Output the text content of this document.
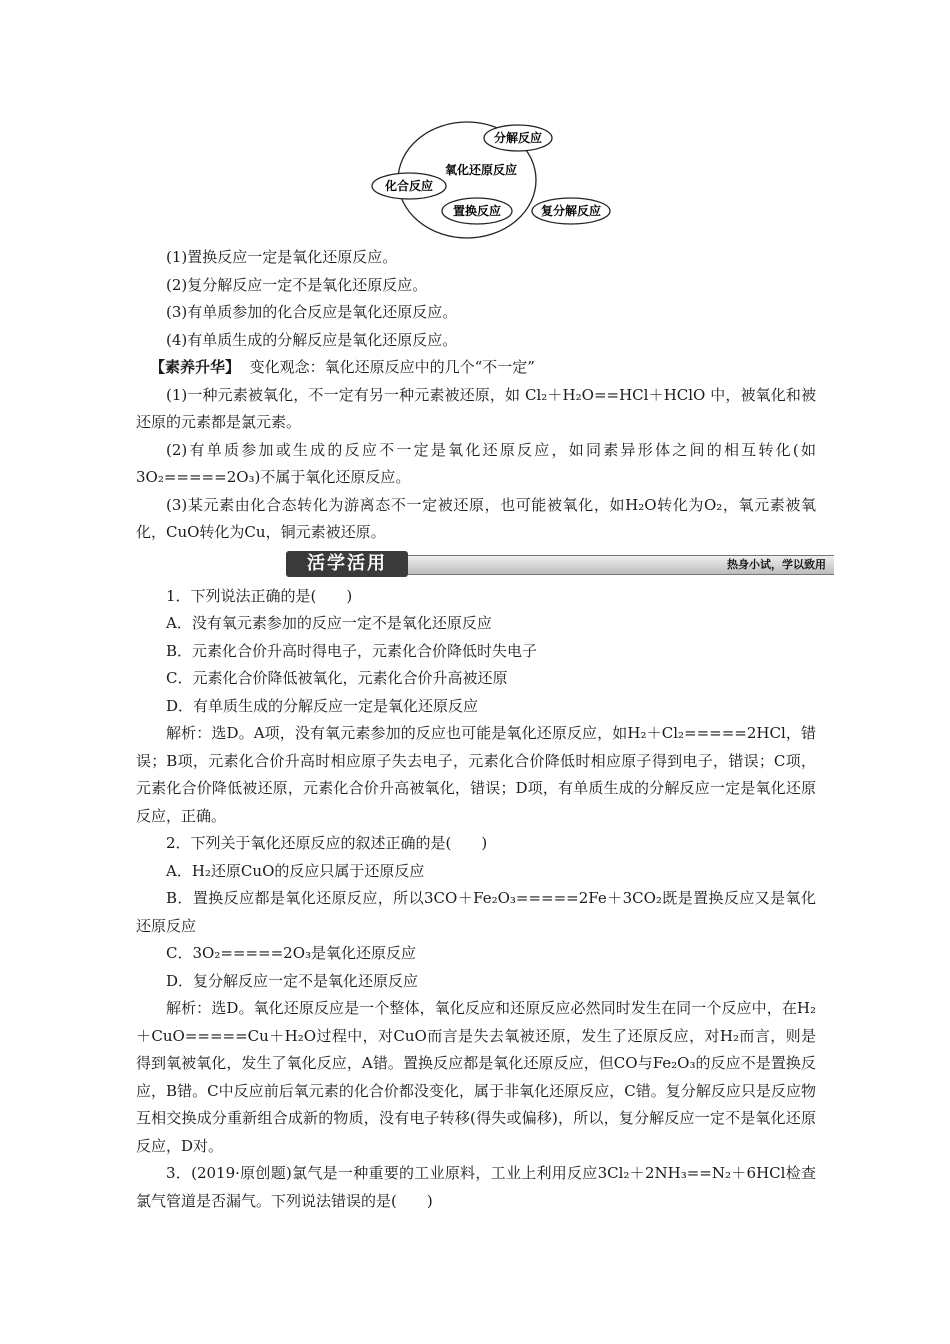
氧化还原反应
分解反应
化合反应
置换反应	复分解反应

(1)置换反应一定是氧化还原反应。

(2)复分解反应一定不是氧化还原反应。

(3)有单质参加的化合反应是氧化还原反应。

(4)有单质生成的分解反应是氧化还原反应。

【素养升华】 变化观念：氧化还原反应中的几个“不一定”

(1)一种元素被氧化，不一定有另一种元素被还原，如 Cl₂＋H₂O==HCl＋HClO 中，被氧化和被还原的元素都是氯元素。

(2)有单质参加或生成的反应不一定是氧化还原反应，如同素异形体之间的相互转化(如 3O₂=====2O₃)不属于氧化还原反应。

(3)某元素由化合态转化为游离态不一定被还原，也可能被氧化，如H₂O转化为O₂，氧元素被氧化，CuO转化为Cu，铜元素被还原。

热身小试，学以致用
活学活用

1．下列说法正确的是(　　)

A．没有氧元素参加的反应一定不是氧化还原反应

B．元素化合价升高时得电子，元素化合价降低时失电子

C．元素化合价降低被氧化，元素化合价升高被还原

D．有单质生成的分解反应一定是氧化还原反应

解析：选D。A项，没有氧元素参加的反应也可能是氧化还原反应，如H₂＋Cl₂=====2HCl，错误；B项，元素化合价升高时相应原子失去电子，元素化合价降低时相应原子得到电子，错误；C项，元素化合价降低被还原，元素化合价升高被氧化，错误；D项，有单质生成的分解反应一定是氧化还原反应，正确。

2．下列关于氧化还原反应的叙述正确的是(　　)

A．H₂还原CuO的反应只属于还原反应

B．置换反应都是氧化还原反应，所以3CO＋Fe₂O₃=====2Fe＋3CO₂既是置换反应又是氧化还原反应

C．3O₂=====2O₃是氧化还原反应

D．复分解反应一定不是氧化还原反应

解析：选D。氧化还原反应是一个整体，氧化反应和还原反应必然同时发生在同一个反应中，在H₂＋CuO=====Cu＋H₂O过程中，对CuO而言是失去氧被还原，发生了还原反应，对H₂而言，则是得到氧被氧化，发生了氧化反应，A错。置换反应都是氧化还原反应，但CO与Fe₂O₃的反应不是置换反应，B错。C中反应前后氧元素的化合价都没变化，属于非氧化还原反应，C错。复分解反应只是反应物互相交换成分重新组合成新的物质，没有电子转移(得失或偏移)，所以，复分解反应一定不是氧化还原反应，D对。

3．(2019·原创题)氯气是一种重要的工业原料，工业上利用反应3Cl₂＋2NH₃==N₂＋6HCl检查氯气管道是否漏气。下列说法错误的是(　　)
